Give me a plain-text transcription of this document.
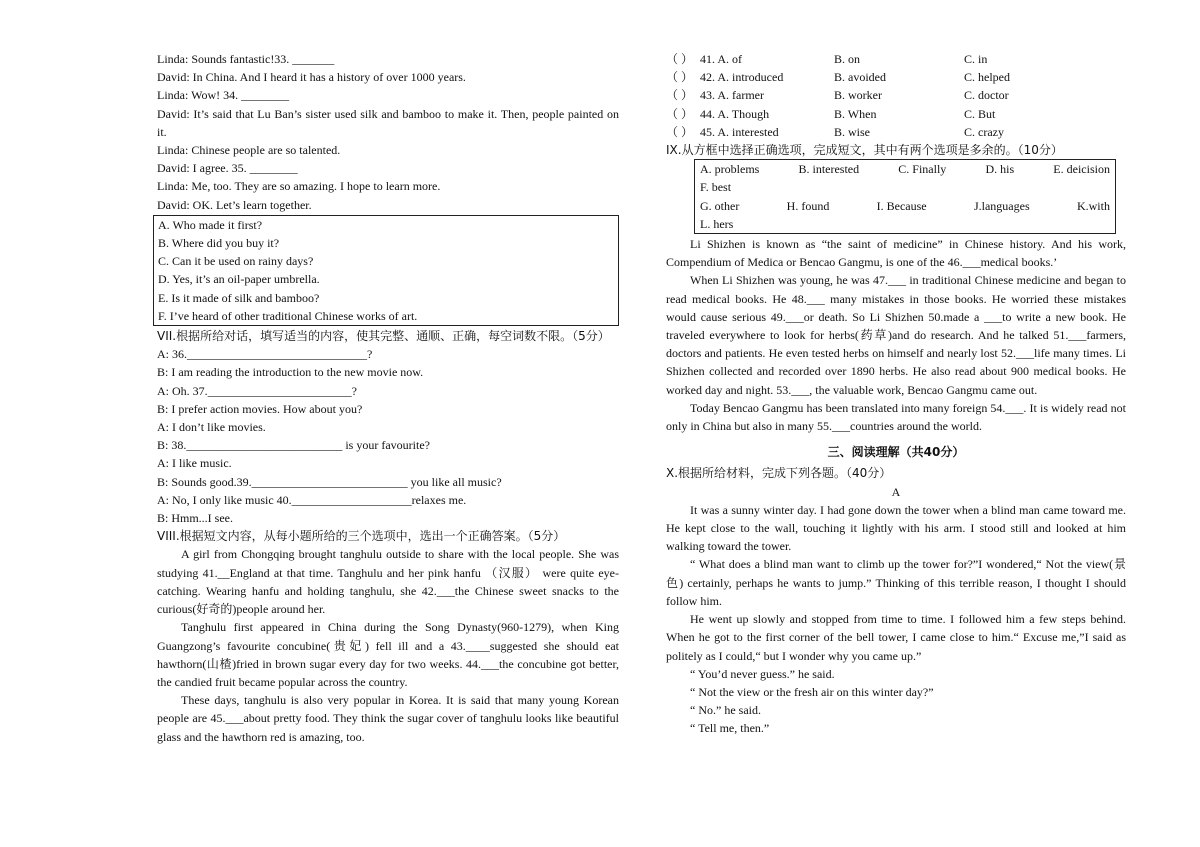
Linda: Sounds fantastic!33. _______
David: In China. And I heard it has a history of over 1000 years.
Linda: Wow! 34. ________
David: It’s said that Lu Ban’s sister used silk and bamboo to make it. Then, people painted on it.
Linda: Chinese people are so talented.
David: I agree. 35. ________
Linda: Me, too. They are so amazing. I hope to learn more.
David: OK. Let’s learn together.
A. Who made it first?
B. Where did you buy it?
C. Can it be used on rainy days?
D. Yes, it’s an oil-paper umbrella.
E. Is it made of silk and bamboo?
F. I’ve heard of other traditional Chinese works of art.
VII.根据所给对话，填写适当的内容，使其完整、通顺、正确，每空词数不限。（5分）
A: 36.______________________________?
B: I am reading the introduction to the new movie now.
A: Oh. 37.________________________?
B: I prefer action movies. How about you?
A: I don’t like movies.
B: 38.__________________________ is your favourite?
A: I like music.
B: Sounds good.39.__________________________ you like all music?
A: No, I only like music 40.____________________relaxes me.
B: Hmm...I see.
VIII.根据短文内容，从每小题所给的三个选项中，选出一个正确答案。（5分）

A girl from Chongqing brought tanghulu outside to share with the local people. She was studying 41.__England at that time. Tanghulu and her pink hanfu （汉服） were quite eye-catching. Wearing hanfu and holding tanghulu, she 42.___the Chinese sweet snacks to the curious(好奇的)people around her.

Tanghulu first appeared in China during the Song Dynasty(960-1279), when King Guangzong’s favourite concubine(贵妃) fell ill and a 43.____suggested she should eat hawthorn(山楂)fried in brown sugar every day for two weeks. 44.___the concubine got better, the candied fruit became popular across the country.

These days, tanghulu is also very popular in Korea. It is said that many young Korean people are 45.___about pretty food. They think the sugar cover of tanghulu looks like beautiful glass and the hawthorn red is amazing, too.

（ ） 41. A. of	B. on	C. in
（ ） 42. A. introduced	B. avoided	C. helped
（ ） 43. A. farmer	B. worker	C. doctor
（ ） 44. A. Though	B. When	C. But
（ ） 45. A. interested	B. wise	C. crazy
IX.从方框中选择正确选项，完成短文，其中有两个选项是多余的。（10分）
A. problems	B. interested	C. Finally	D. his	E. deicision
F. best
G. other	H. found	I. Because	J.languages	K.with
L. hers

Li Shizhen is known as “the saint of medicine” in Chinese history. And his work, Compendium of Medica or Bencao Gangmu, is one of the 46.___medical books.’

When Li Shizhen was young, he was 47.___ in traditional Chinese medicine and began to read medical books. He 48.___ many mistakes in those books. He worried these mistakes would cause serious 49.___or death. So Li Shizhen 50.made a ___to write a new book. He traveled everywhere to look for herbs(药草)and do research. And he talked 51.___farmers, doctors and patients. He even tested herbs on himself and nearly lost 52.___life many times. Li Shizhen collected and recorded over 1890 herbs. He also read about 900 medical books. He worked day and night. 53.___, the valuable work, Bencao Gangmu came out.

Today Bencao Gangmu has been translated into many foreign 54.___. It is widely read not only in China but also in many 55.___countries around the world.

三、阅读理解（共40分）
X.根据所给材料，完成下列各题。（40分）
A

It was a sunny winter day. I had gone down the tower when a blind man came toward me. He kept close to the wall, touching it lightly with his arm. I stood still and looked at him walking toward the tower.

“ What does a blind man want to climb up the tower for?”I wondered,“ Not the view(景色) certainly, perhaps he wants to jump.” Thinking of this terrible reason, I thought I should follow him.

He went up slowly and stopped from time to time. I followed him a few steps behind. When he got to the first corner of the bell tower, I came close to him.“ Excuse me,”I said as politely as I could,“ but I wonder why you came up.”

“ You’d never guess.” he said.

“ Not the view or the fresh air on this winter day?”

“ No.” he said.

“ Tell me, then.”
